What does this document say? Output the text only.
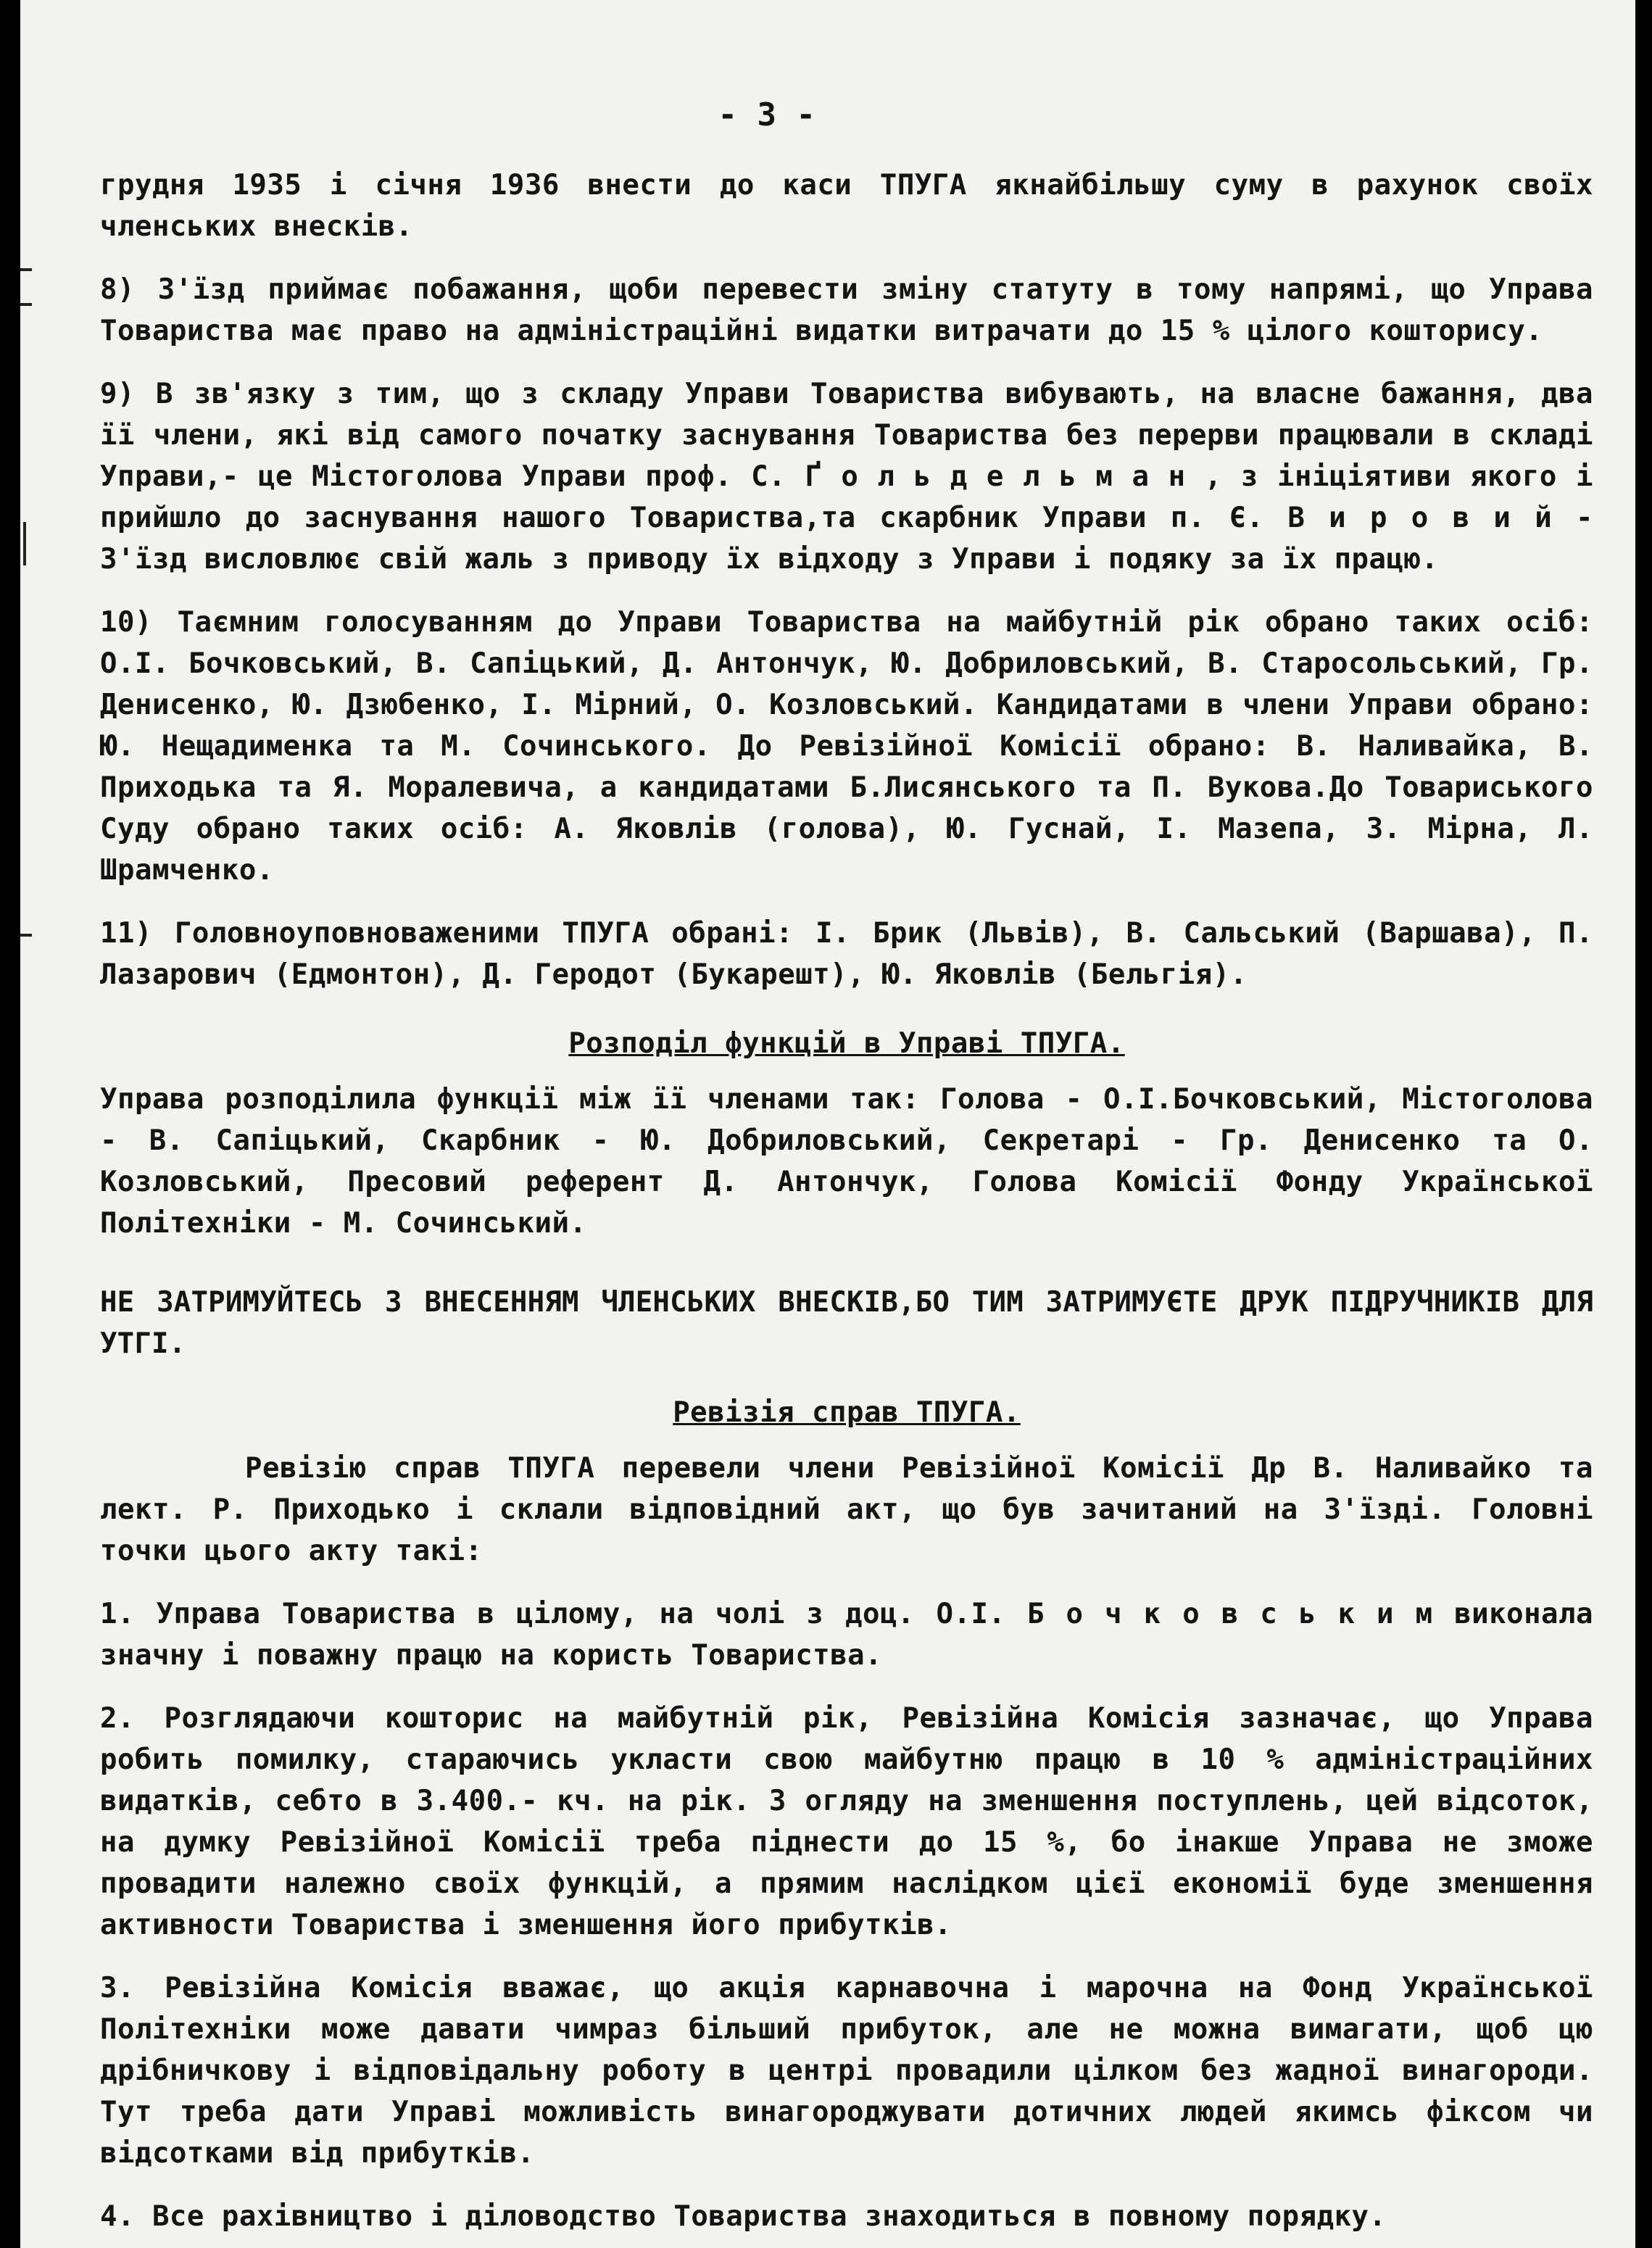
- 3 -

грудня 1935 і січня 1936 внести до каси ТПУГА якнайбільшу суму в рахунок своїх членських внесків.

8) З'їзд приймає побажання, щоби перевести зміну статуту в тому напрямі, що Управа Товариства має право на адміністраційні видатки витрачати до 15 % цілого кошторису.

9) В зв'язку з тим, що з складу Управи Товариства вибувають, на власне бажання, два її члени, які від самого початку заснування Товариства без перерви працювали в складі Управи,- це Містоголова Управи проф. С. Ґ о л ь д е л ь м а н , з ініціятиви якого і прийшло до заснування нашого Товариства,та скарбник Управи п. Є. В и р о в и й - З'їзд висловлює свій жаль з приводу їх відходу з Управи і подяку за їх працю.

10) Таємним голосуванням до Управи Товариства на майбутній рік обрано таких осіб: О.І. Бочковський, В. Сапіцький, Д. Антончук, Ю. Добриловський, В. Старосольський, Гр. Денисенко, Ю. Дзюбенко, І. Мірний, О. Козловський. Кандидатами в члени Управи обрано: Ю. Нещадименка та М. Сочинського. До Ревізійної Комісії обрано: В. Наливайка, В. Приходька та Я. Моралевича, а кандидатами Б.Лисянського та П. Вукова.До Товариського Суду обрано таких осіб: А. Яковлів (голова), Ю. Гуснай, І. Мазепа, З. Мірна, Л. Шрамченко.

11) Головноуповноваженими ТПУГА обрані: І. Брик (Львів), В. Сальський (Варшава), П. Лазарович (Едмонтон), Д. Геродот (Букарешт), Ю. Яковлів (Бельгія).

Розподіл функцій в Управі ТПУГА.

Управа розподілила функції між її членами так: Голова - О.І.Бочковський, Містоголова - В. Сапіцький, Скарбник - Ю. Добриловський, Секретарі - Гр. Денисенко та О. Козловський, Пресовий референт Д. Антончук, Голова Комісії Фонду Української Політехніки - М. Сочинський.

НЕ ЗАТРИМУЙТЕСЬ З ВНЕСЕННЯМ ЧЛЕНСЬКИХ ВНЕСКІВ,БО ТИМ ЗАТРИМУЄТЕ ДРУК ПІДРУЧНИКІВ ДЛЯ УТГІ.

Ревізія справ ТПУГА.

Ревізію справ ТПУГА перевели члени Ревізійної Комісії Др В. Наливайко та лект. Р. Приходько і склали відповідний акт, що був зачитаний на З'їзді. Головні точки цього акту такі:

1. Управа Товариства в цілому, на чолі з доц. О.І. Б о ч к о в с ь к и м виконала значну і поважну працю на користь Товариства.

2. Розглядаючи кошторис на майбутній рік, Ревізійна Комісія зазначає, що Управа робить помилку, стараючись укласти свою майбутню працю в 10 % адміністраційних видатків, себто в 3.400.- кч. на рік. З огляду на зменшення поступлень, цей відсоток, на думку Ревізійної Комісії треба піднести до 15 %, бо інакше Управа не зможе провадити належно своїх функцій, а прямим наслідком цієї економії буде зменшення активности Товариства і зменшення його прибутків.

3. Ревізійна Комісія вважає, що акція карнавочна і марочна на Фонд Української Політехніки може давати чимраз більший прибуток, але не можна вимагати, щоб цю дрібничкову і відповідальну роботу в центрі провадили цілком без жадної винагороди. Тут треба дати Управі можливість винагороджувати дотичних людей якимсь фіксом чи відсотками від прибутків.

4. Все рахівництво і діловодство Товариства знаходиться в повному порядку.
